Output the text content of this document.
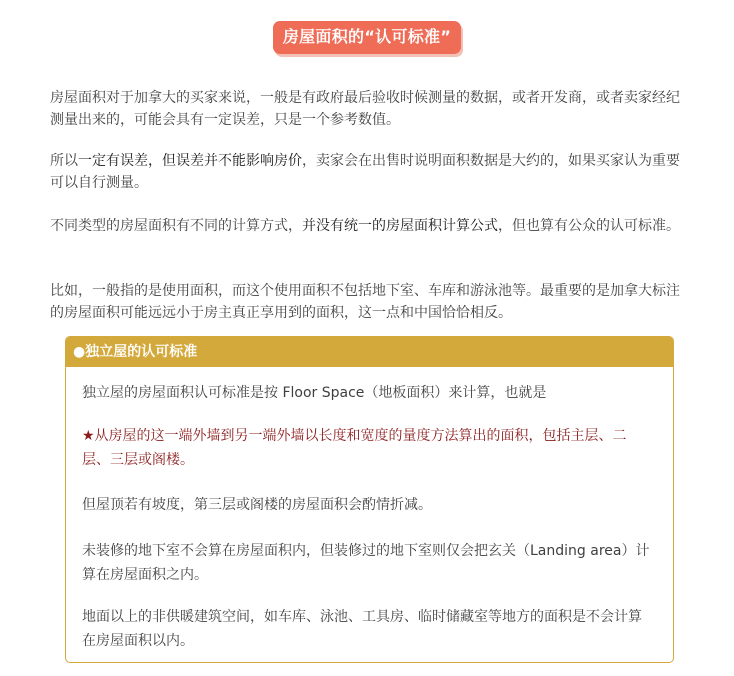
房屋面积的“认可标准”

房屋面积对于加拿大的买家来说，一般是有政府最后验收时候测量的数据，或者开发商，或者卖家经纪测量出来的，可能会具有一定误差，只是一个参考数值。

所以一定有误差，但误差并不能影响房价，卖家会在出售时说明面积数据是大约的，如果买家认为重要可以自行测量。

不同类型的房屋面积有不同的计算方式，并没有统一的房屋面积计算公式，但也算有公众的认可标准。

比如，一般指的是使用面积，而这个使用面积不包括地下室、车库和游泳池等。最重要的是加拿大标注的房屋面积可能远远小于房主真正享用到的面积，这一点和中国恰恰相反。

●独立屋的认可标准

独立屋的房屋面积认可标准是按 Floor Space（地板面积）来计算，也就是

★从房屋的这一端外墙到另一端外墙以长度和宽度的量度方法算出的面积，包括主层、二层、三层或阁楼。

但屋顶若有坡度，第三层或阁楼的房屋面积会酌情折减。

未装修的地下室不会算在房屋面积内，但装修过的地下室则仅会把玄关（Landing area）计算在房屋面积之内。

地面以上的非供暖建筑空间，如车库、泳池、工具房、临时储藏室等地方的面积是不会计算在房屋面积以内。
